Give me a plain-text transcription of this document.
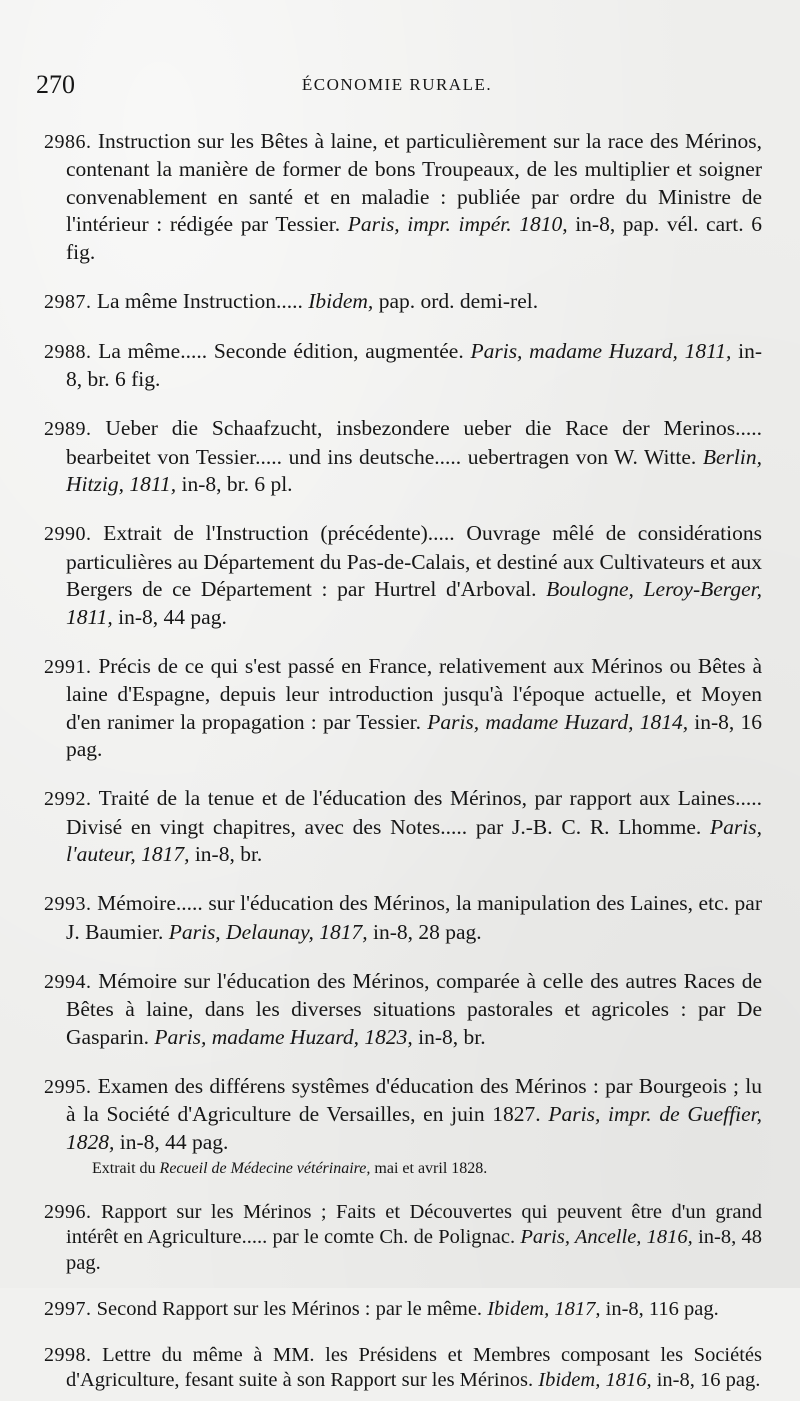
270	ÉCONOMIE RURALE.

2986. Instruction sur les Bêtes à laine, et particulièrement sur la race des Mérinos, contenant la manière de former de bons Troupeaux, de les multiplier et soigner convenablement en santé et en maladie : publiée par ordre du Ministre de l'intérieur : rédigée par Tessier. Paris, impr. impér. 1810, in-8, pap. vél. cart. 6 fig.

2987. La même Instruction..... Ibidem, pap. ord. demi-rel.

2988. La même..... Seconde édition, augmentée. Paris, madame Huzard, 1811, in-8, br. 6 fig.

2989. Ueber die Schaafzucht, insbezondere ueber die Race der Merinos..... bearbeitet von Tessier..... und ins deutsche..... uebertragen von W. Witte. Berlin, Hitzig, 1811, in-8, br. 6 pl.

2990. Extrait de l'Instruction (précédente)..... Ouvrage mêlé de considérations particulières au Département du Pas-de-Calais, et destiné aux Cultivateurs et aux Bergers de ce Département : par Hurtrel d'Arboval. Boulogne, Leroy-Berger, 1811, in-8, 44 pag.

2991. Précis de ce qui s'est passé en France, relativement aux Mérinos ou Bêtes à laine d'Espagne, depuis leur introduction jusqu'à l'époque actuelle, et Moyen d'en ranimer la propagation : par Tessier. Paris, madame Huzard, 1814, in-8, 16 pag.

2992. Traité de la tenue et de l'éducation des Mérinos, par rapport aux Laines..... Divisé en vingt chapitres, avec des Notes..... par J.-B. C. R. Lhomme. Paris, l'auteur, 1817, in-8, br.

2993. Mémoire..... sur l'éducation des Mérinos, la manipulation des Laines, etc. par J. Baumier. Paris, Delaunay, 1817, in-8, 28 pag.

2994. Mémoire sur l'éducation des Mérinos, comparée à celle des autres Races de Bêtes à laine, dans les diverses situations pastorales et agricoles : par De Gasparin. Paris, madame Huzard, 1823, in-8, br.

2995. Examen des différens systêmes d'éducation des Mérinos : par Bourgeois ; lu à la Société d'Agriculture de Versailles, en juin 1827. Paris, impr. de Gueffier, 1828, in-8, 44 pag.

Extrait du Recueil de Médecine vétérinaire, mai et avril 1828.

2996. Rapport sur les Mérinos ; Faits et Découvertes qui peuvent être d'un grand intérêt en Agriculture..... par le comte Ch. de Polignac. Paris, Ancelle, 1816, in-8, 48 pag.

2997. Second Rapport sur les Mérinos : par le même. Ibidem, 1817, in-8, 116 pag.

2998. Lettre du même à MM. les Présidens et Membres composant les Sociétés d'Agriculture, fesant suite à son Rapport sur les Mérinos. Ibidem, 1816, in-8, 16 pag.
